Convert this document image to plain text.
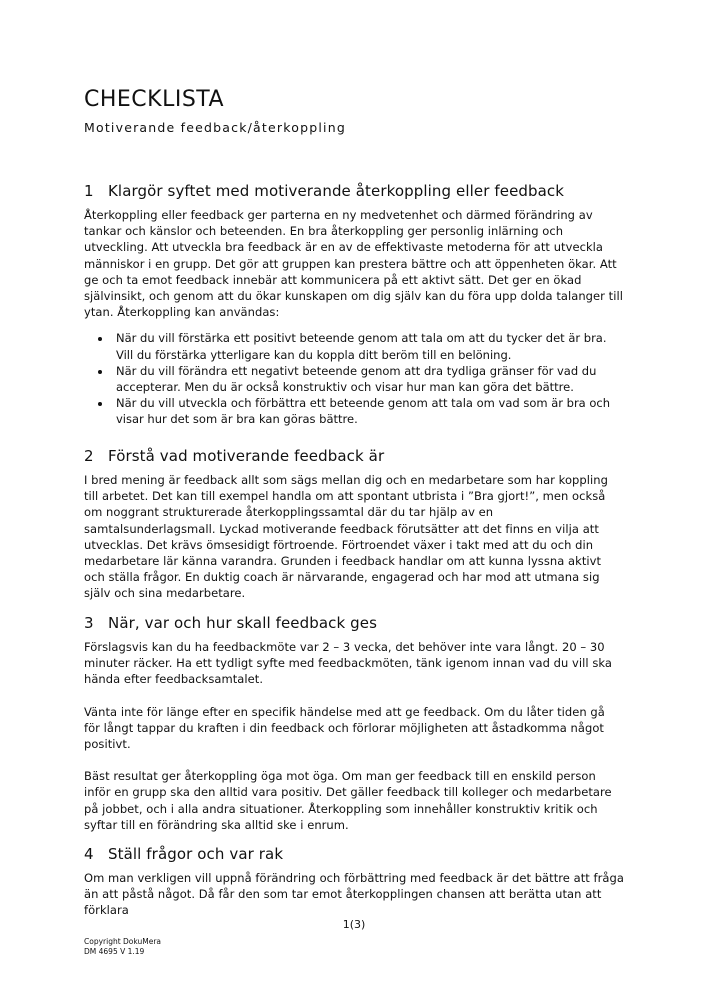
CHECKLISTA
Motiverande feedback/återkoppling
1 Klargör syftet med motiverande återkoppling eller feedback

Återkoppling eller feedback ger parterna en ny medvetenhet och därmed förändring av tankar och känslor och beteenden. En bra återkoppling ger personlig inlärning och utveckling. Att utveckla bra feedback är en av de effektivaste metoderna för att utveckla människor i en grupp. Det gör att gruppen kan prestera bättre och att öppenheten ökar. Att ge och ta emot feedback innebär att kommunicera på ett aktivt sätt. Det ger en ökad självinsikt, och genom att du ökar kunskapen om dig själv kan du föra upp dolda talanger till ytan. Återkoppling kan användas:

• När du vill förstärka ett positivt beteende genom att tala om att du tycker det är bra. Vill du förstärka ytterligare kan du koppla ditt beröm till en belöning.
• När du vill förändra ett negativt beteende genom att dra tydliga gränser för vad du accepterar. Men du är också konstruktiv och visar hur man kan göra det bättre.
• När du vill utveckla och förbättra ett beteende genom att tala om vad som är bra och visar hur det som är bra kan göras bättre.
2 Förstå vad motiverande feedback är

I bred mening är feedback allt som sägs mellan dig och en medarbetare som har koppling till arbetet. Det kan till exempel handla om att spontant utbrista i ”Bra gjort!”, men också om noggrant strukturerade återkopplingssamtal där du tar hjälp av en samtalsunderlagsmall. Lyckad motiverande feedback förutsätter att det finns en vilja att utvecklas. Det krävs ömsesidigt förtroende. Förtroendet växer i takt med att du och din medarbetare lär känna varandra. Grunden i feedback handlar om att kunna lyssna aktivt och ställa frågor. En duktig coach är närvarande, engagerad och har mod att utmana sig själv och sina medarbetare.

3 När, var och hur skall feedback ges

Förslagsvis kan du ha feedbackmöte var 2 – 3 vecka, det behöver inte vara långt. 20 – 30 minuter räcker. Ha ett tydligt syfte med feedbackmöten, tänk igenom innan vad du vill ska hända efter feedbacksamtalet.

Vänta inte för länge efter en specifik händelse med att ge feedback. Om du låter tiden gå för långt tappar du kraften i din feedback och förlorar möjligheten att åstadkomma något positivt.

Bäst resultat ger återkoppling öga mot öga. Om man ger feedback till en enskild person inför en grupp ska den alltid vara positiv. Det gäller feedback till kolleger och medarbetare på jobbet, och i alla andra situationer. Återkoppling som innehåller konstruktiv kritik och syftar till en förändring ska alltid ske i enrum.

4 Ställ frågor och var rak

Om man verkligen vill uppnå förändring och förbättring med feedback är det bättre att fråga än att påstå något. Då får den som tar emot återkopplingen chansen att berätta utan att förklara

1(3)
Copyright DokuMera
DM 4695 V 1.19
